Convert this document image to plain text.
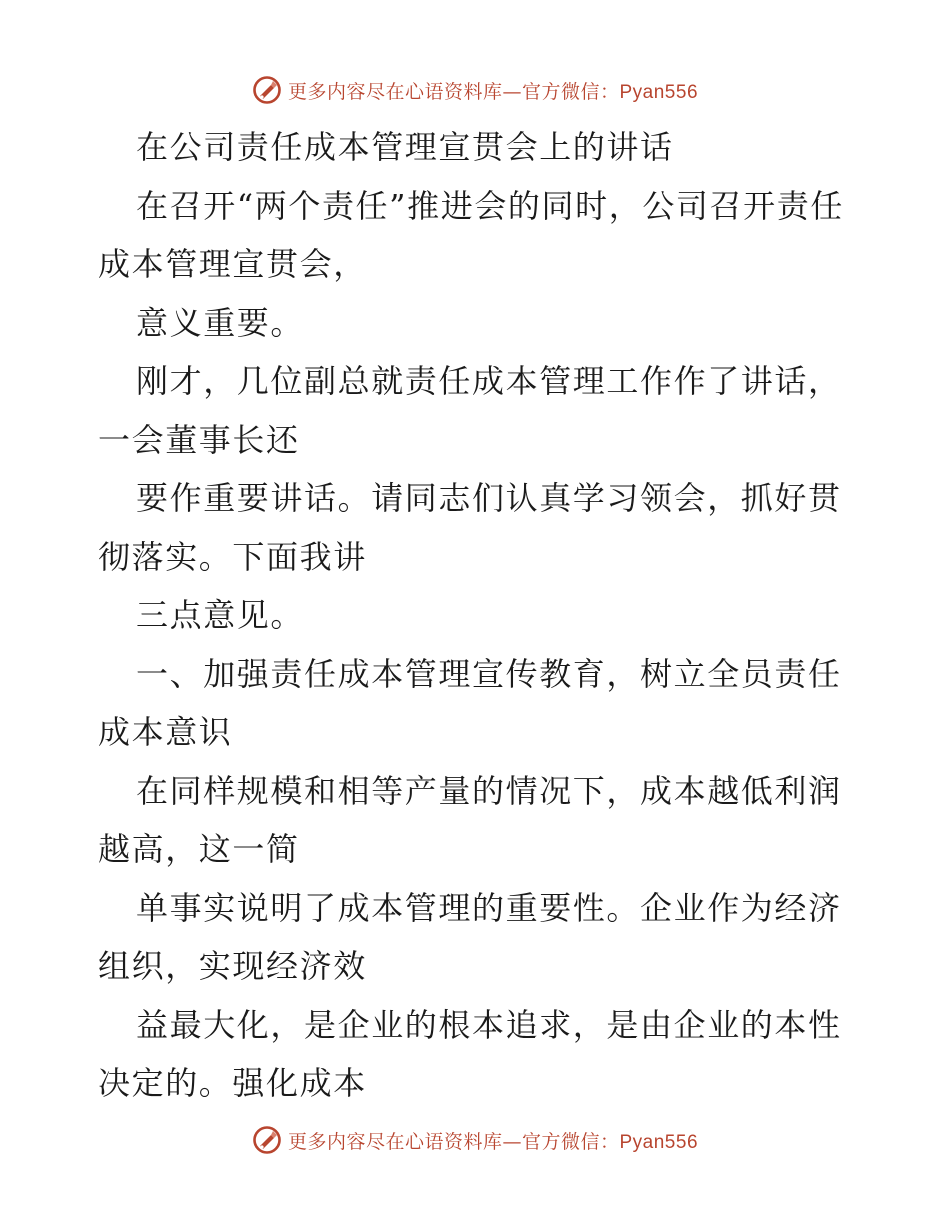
更多内容尽在心语资料库—官方微信：Pyan556

在公司责任成本管理宣贯会上的讲话

在召开“两个责任”推进会的同时，公司召开责任成本管理宣贯会，

意义重要。

刚才，几位副总就责任成本管理工作作了讲话，一会董事长还

要作重要讲话。请同志们认真学习领会，抓好贯彻落实。下面我讲

三点意见。

一、加强责任成本管理宣传教育，树立全员责任成本意识

在同样规模和相等产量的情况下，成本越低利润越高，这一简

单事实说明了成本管理的重要性。企业作为经济组织，实现经济效

益最大化，是企业的根本追求，是由企业的本性决定的。强化成本

更多内容尽在心语资料库—官方微信：Pyan556
